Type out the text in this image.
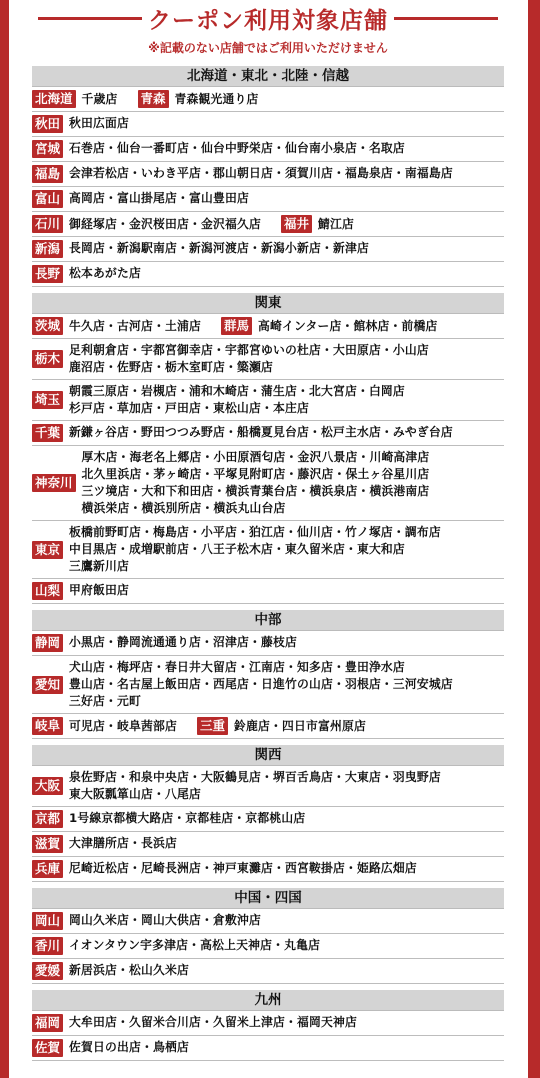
クーポン利用対象店舗
※記載のない店舗ではご利用いただけません
北海道・東北・北陸・信越
北海道 千歳店 青森 青森観光通り店
秋田 秋田広面店
宮城 石巻店・仙台一番町店・仙台中野栄店・仙台南小泉店・名取店
福島 会津若松店・いわき平店・郡山朝日店・須賀川店・福島泉店・南福島店
富山 高岡店・富山掛尾店・富山豊田店
石川 御経塚店・金沢桜田店・金沢福久店 福井 鯖江店
新潟 長岡店・新潟駅南店・新潟河渡店・新潟小新店・新津店
長野 松本あがた店
関東
茨城 牛久店・古河店・土浦店 群馬 高崎インター店・館林店・前橋店
栃木
足利朝倉店・宇都宮御幸店・宇都宮ゆいの杜店・大田原店・小山店
鹿沼店・佐野店・栃木室町店・簗瀬店
埼玉
朝霞三原店・岩槻店・浦和木崎店・蒲生店・北大宮店・白岡店
杉戸店・草加店・戸田店・東松山店・本庄店
千葉 新鎌ヶ谷店・野田つつみ野店・船橋夏見台店・松戸主水店・みやぎ台店
神奈川
厚木店・海老名上郷店・小田原酒匂店・金沢八景店・川崎高津店
北久里浜店・茅ヶ崎店・平塚見附町店・藤沢店・保土ヶ谷星川店
三ツ境店・大和下和田店・横浜青葉台店・横浜泉店・横浜港南店
横浜栄店・横浜別所店・横浜丸山台店
東京
板橋前野町店・梅島店・小平店・狛江店・仙川店・竹ノ塚店・調布店
中目黒店・成増駅前店・八王子松木店・東久留米店・東大和店
三鷹新川店
山梨 甲府飯田店
中部
静岡 小黒店・静岡流通通り店・沼津店・藤枝店
愛知
犬山店・梅坪店・春日井大留店・江南店・知多店・豊田浄水店
豊山店・名古屋上飯田店・西尾店・日進竹の山店・羽根店・三河安城店
三好店・元町
岐阜 可児店・岐阜茜部店 三重 鈴鹿店・四日市富州原店
関西
大阪
泉佐野店・和泉中央店・大阪鶴見店・堺百舌鳥店・大東店・羽曳野店
東大阪瓢箪山店・八尾店
京都 1号線京都横大路店・京都桂店・京都桃山店
滋賀 大津膳所店・長浜店
兵庫 尼崎近松店・尼崎長洲店・神戸東灘店・西宮鞍掛店・姫路広畑店
中国・四国
岡山 岡山久米店・岡山大供店・倉敷沖店
香川 イオンタウン宇多津店・高松上天神店・丸亀店
愛媛 新居浜店・松山久米店
九州
福岡 大牟田店・久留米合川店・久留米上津店・福岡天神店
佐賀 佐賀日の出店・鳥栖店
